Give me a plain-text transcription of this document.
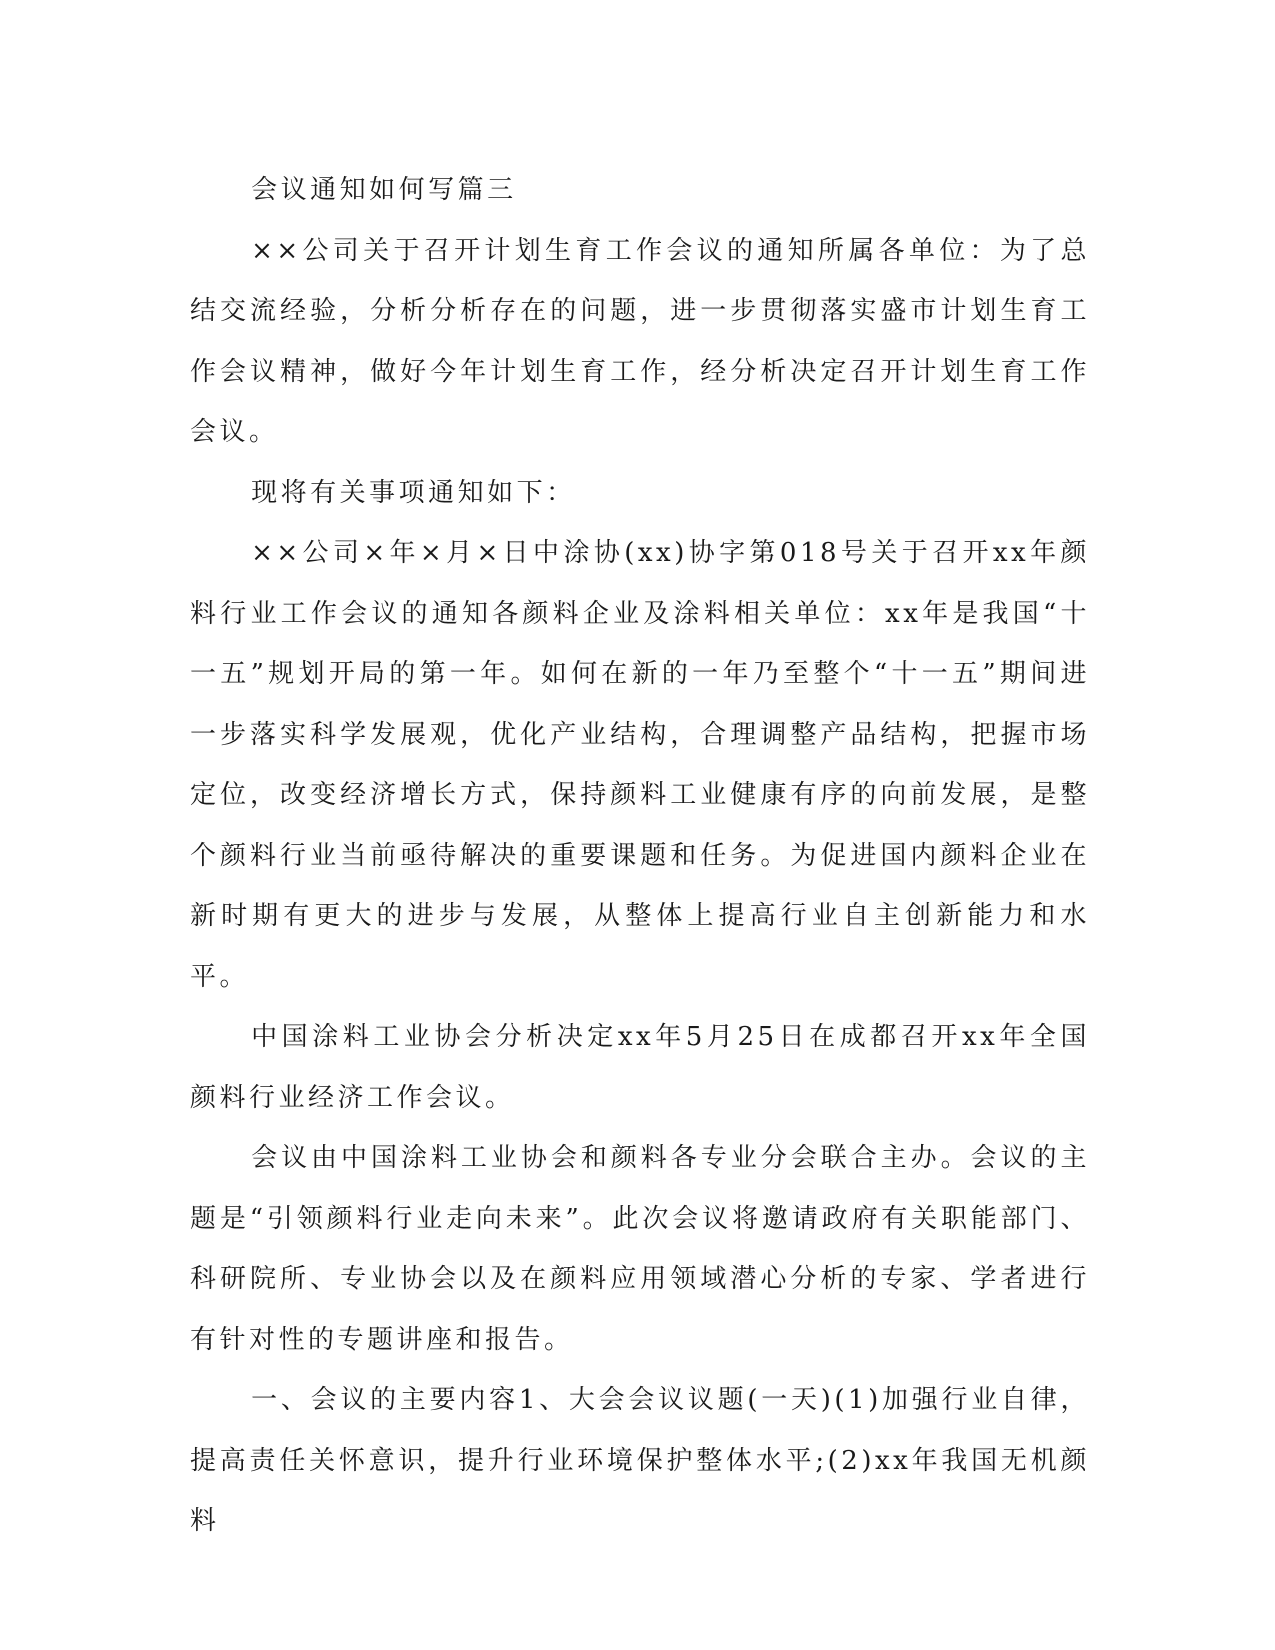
会议通知如何写篇三

××公司关于召开计划生育工作会议的通知所属各单位：为了总结交流经验，分析分析存在的问题，进一步贯彻落实盛市计划生育工作会议精神，做好今年计划生育工作，经分析决定召开计划生育工作会议。

现将有关事项通知如下：

××公司×年×月×日中涂协(xx)协字第018号关于召开xx年颜料行业工作会议的通知各颜料企业及涂料相关单位：xx年是我国“十一五”规划开局的第一年。如何在新的一年乃至整个“十一五”期间进一步落实科学发展观，优化产业结构，合理调整产品结构，把握市场定位，改变经济增长方式，保持颜料工业健康有序的向前发展，是整个颜料行业当前亟待解决的重要课题和任务。为促进国内颜料企业在新时期有更大的进步与发展，从整体上提高行业自主创新能力和水平。

中国涂料工业协会分析决定xx年5月25日在成都召开xx年全国颜料行业经济工作会议。

会议由中国涂料工业协会和颜料各专业分会联合主办。会议的主题是“引领颜料行业走向未来”。此次会议将邀请政府有关职能部门、科研院所、专业协会以及在颜料应用领域潜心分析的专家、学者进行有针对性的专题讲座和报告。

一、会议的主要内容1、大会会议议题(一天)(1)加强行业自律，提高责任关怀意识，提升行业环境保护整体水平;(2)xx年我国无机颜料
